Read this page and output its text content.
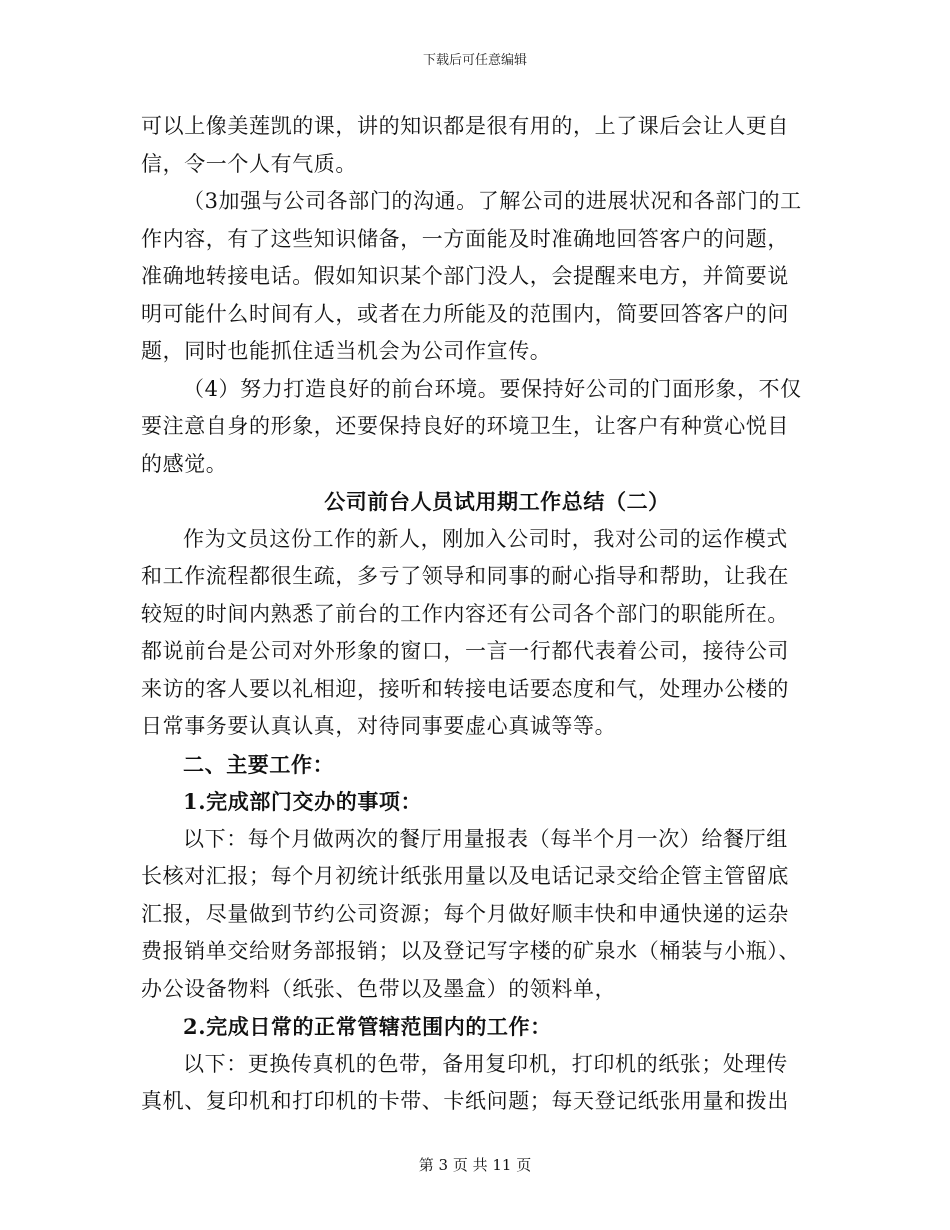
下载后可任意编辑
可以上像美莲凯的课，讲的知识都是很有用的，上了课后会让人更自
信，令一个人有气质。
（3加强与公司各部门的沟通。了解公司的进展状况和各部门的工
作内容，有了这些知识储备，一方面能及时准确地回答客户的问题，
准确地转接电话。假如知识某个部门没人，会提醒来电方，并简要说
明可能什么时间有人，或者在力所能及的范围内，简要回答客户的问
题，同时也能抓住适当机会为公司作宣传。
（4）努力打造良好的前台环境。要保持好公司的门面形象，不仅
要注意自身的形象，还要保持良好的环境卫生，让客户有种赏心悦目
的感觉。
公司前台人员试用期工作总结（二）
作为文员这份工作的新人，刚加入公司时，我对公司的运作模式
和工作流程都很生疏，多亏了领导和同事的耐心指导和帮助，让我在
较短的时间内熟悉了前台的工作内容还有公司各个部门的职能所在。
都说前台是公司对外形象的窗口，一言一行都代表着公司，接待公司
来访的客人要以礼相迎，接听和转接电话要态度和气，处理办公楼的
日常事务要认真认真，对待同事要虚心真诚等等。
二、主要工作：
1.完成部门交办的事项：
以下：每个月做两次的餐厅用量报表（每半个月一次）给餐厅组
长核对汇报；每个月初统计纸张用量以及电话记录交给企管主管留底
汇报，尽量做到节约公司资源；每个月做好顺丰快和申通快递的运杂
费报销单交给财务部报销；以及登记写字楼的矿泉水（桶装与小瓶）、
办公设备物料（纸张、色带以及墨盒）的领料单，
2.完成日常的正常管辖范围内的工作：
以下：更换传真机的色带，备用复印机，打印机的纸张；处理传
真机、复印机和打印机的卡带、卡纸问题；每天登记纸张用量和拨出
第 3 页 共 11 页
